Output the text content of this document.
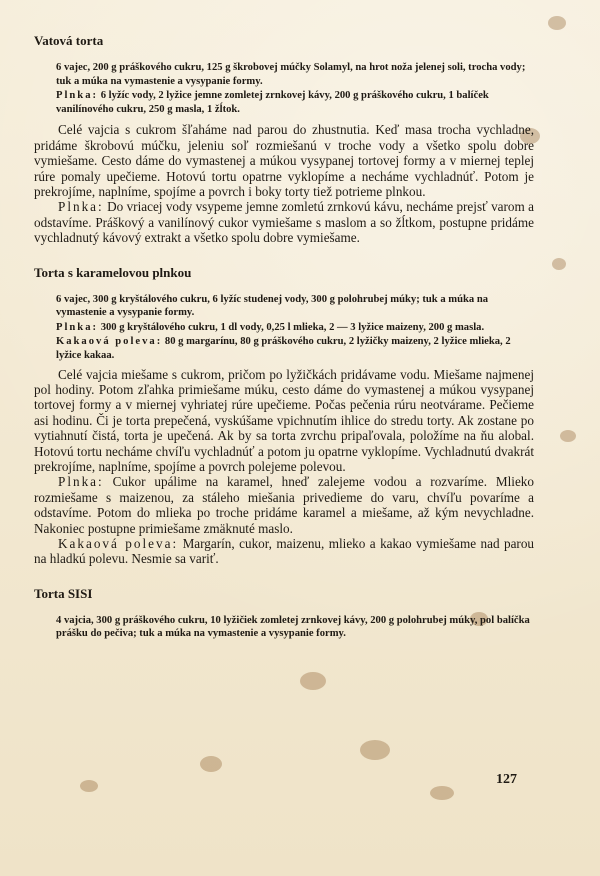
Vatová torta

6 vajec, 200 g práškového cukru, 125 g škrobovej múčky Solamyl, na hrot noža jelenej soli, trocha vody; tuk a múka na vymastenie a vysypanie formy.

Plnka: 6 lyžíc vody, 2 lyžice jemne zomletej zrnkovej kávy, 200 g práškového cukru, 1 balíček vanilínového cukru, 250 g masla, 1 žĺtok.

Celé vajcia s cukrom šľaháme nad parou do zhustnutia. Keď masa trocha vychladne, pridáme škrobovú múčku, jeleniu soľ rozmiešanú v troche vody a všetko spolu dobre vymiešame. Cesto dáme do vymastenej a múkou vysypanej tortovej formy a v miernej teplej rúre pomaly upečieme. Hotovú tortu opatrne vyklopíme a necháme vychladnúť. Potom je prekrojíme, naplníme, spojíme a povrch i boky torty tiež potrieme plnkou.

Plnka: Do vriacej vody vsypeme jemne zomletú zrnkovú kávu, necháme prejsť varom a odstavíme. Práškový a vanilínový cukor vymiešame s maslom a so žĺtkom, postupne pridáme vychladnutý kávový extrakt a všetko spolu dobre vymiešame.

Torta s karamelovou plnkou

6 vajec, 300 g kryštálového cukru, 6 lyžíc studenej vody, 300 g polohrubej múky; tuk a múka na vymastenie a vysypanie formy.

Plnka: 300 g kryštálového cukru, 1 dl vody, 0,25 l mlieka, 2 — 3 lyžice maizeny, 200 g masla.

Kakaová poleva: 80 g margarínu, 80 g práškového cukru, 2 lyžičky maizeny, 2 lyžice mlieka, 2 lyžice kakaa.

Celé vajcia miešame s cukrom, pričom po lyžičkách pridávame vodu. Miešame najmenej pol hodiny. Potom zľahka primiešame múku, cesto dáme do vymastenej a múkou vysypanej tortovej formy a v miernej vyhriatej rúre upečieme. Počas pečenia rúru neotvárame. Pečieme asi hodinu. Či je torta prepečená, vyskúšame vpichnutím ihlice do stredu torty. Ak zostane po vytiahnutí čistá, torta je upečená. Ak by sa torta zvrchu pripaľovala, položíme na ňu alobal. Hotovú tortu necháme chvíľu vychladnúť a potom ju opatrne vyklopíme. Vychladnutú dvakrát prekrojíme, naplníme, spojíme a povrch polejeme polevou.

Plnka: Cukor upálime na karamel, hneď zalejeme vodou a rozvaríme. Mlieko rozmiešame s maizenou, za stáleho miešania privedieme do varu, chvíľu povaríme a odstavíme. Potom do mlieka po troche pridáme karamel a miešame, až kým nevychladne. Nakoniec postupne primiešame zmäknuté maslo.

Kakaová poleva: Margarín, cukor, maizenu, mlieko a kakao vymiešame nad parou na hladkú polevu. Nesmie sa variť.

Torta SISI

4 vajcia, 300 g práškového cukru, 10 lyžičiek zomletej zrnkovej kávy, 200 g polohrubej múky, pol balíčka prášku do pečiva; tuk a múka na vymastenie a vysypanie formy.

127
